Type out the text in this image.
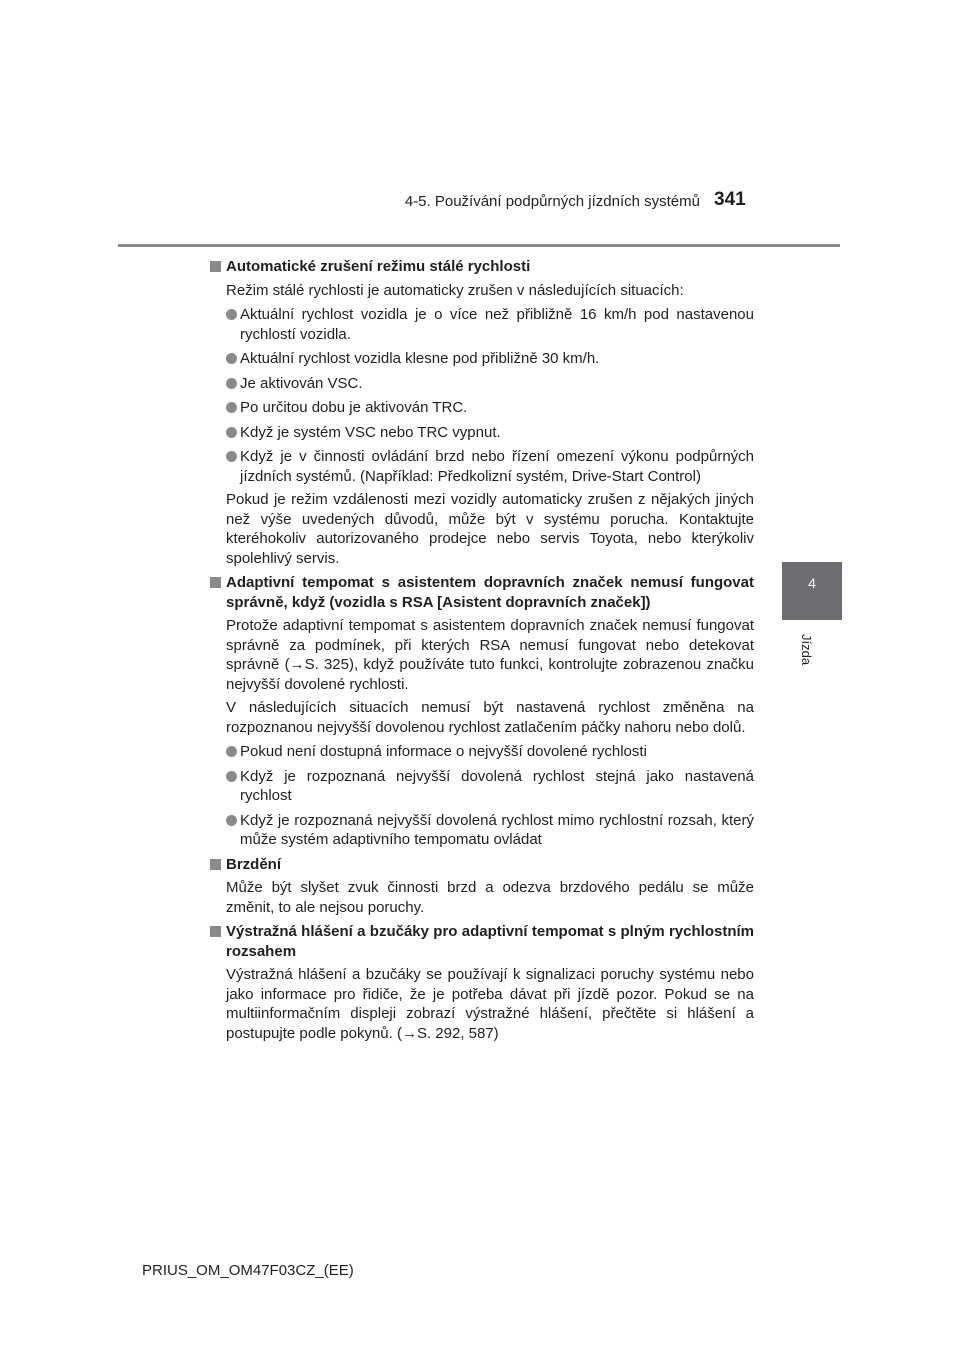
4-5. Používání podpůrných jízdních systémů 341
4
Jízda
Automatické zrušení režimu stálé rychlosti
Režim stálé rychlosti je automaticky zrušen v následujících situacích:
Aktuální rychlost vozidla je o více než přibližně 16 km/h pod nastavenou rychlostí vozidla.
Aktuální rychlost vozidla klesne pod přibližně 30 km/h.
Je aktivován VSC.
Po určitou dobu je aktivován TRC.
Když je systém VSC nebo TRC vypnut.
Když je v činnosti ovládání brzd nebo řízení omezení výkonu podpůrných jízdních systémů. (Například: Předkolizní systém, Drive-Start Control)
Pokud je režim vzdálenosti mezi vozidly automaticky zrušen z nějakých jiných než výše uvedených důvodů, může být v systému porucha. Kontaktujte kteréhokoliv autorizovaného prodejce nebo servis Toyota, nebo kterýkoliv spolehlivý servis.
Adaptivní tempomat s asistentem dopravních značek nemusí fungovat správně, když (vozidla s RSA [Asistent dopravních značek])
Protože adaptivní tempomat s asistentem dopravních značek nemusí fungovat správně za podmínek, při kterých RSA nemusí fungovat nebo detekovat správně (→S. 325), když používáte tuto funkci, kontrolujte zobrazenou značku nejvyšší dovolené rychlosti.
V následujících situacích nemusí být nastavená rychlost změněna na rozpoznanou nejvyšší dovolenou rychlost zatlačením páčky nahoru nebo dolů.
Pokud není dostupná informace o nejvyšší dovolené rychlosti
Když je rozpoznaná nejvyšší dovolená rychlost stejná jako nastavená rychlost
Když je rozpoznaná nejvyšší dovolená rychlost mimo rychlostní rozsah, který může systém adaptivního tempomatu ovládat
Brzdění
Může být slyšet zvuk činnosti brzd a odezva brzdového pedálu se může změnit, to ale nejsou poruchy.
Výstražná hlášení a bzučáky pro adaptivní tempomat s plným rychlostním rozsahem
Výstražná hlášení a bzučáky se používají k signalizaci poruchy systému nebo jako informace pro řidiče, že je potřeba dávat při jízdě pozor. Pokud se na multiinformačním displeji zobrazí výstražné hlášení, přečtěte si hlášení a postupujte podle pokynů. (→S. 292, 587)
PRIUS_OM_OM47F03CZ_(EE)
